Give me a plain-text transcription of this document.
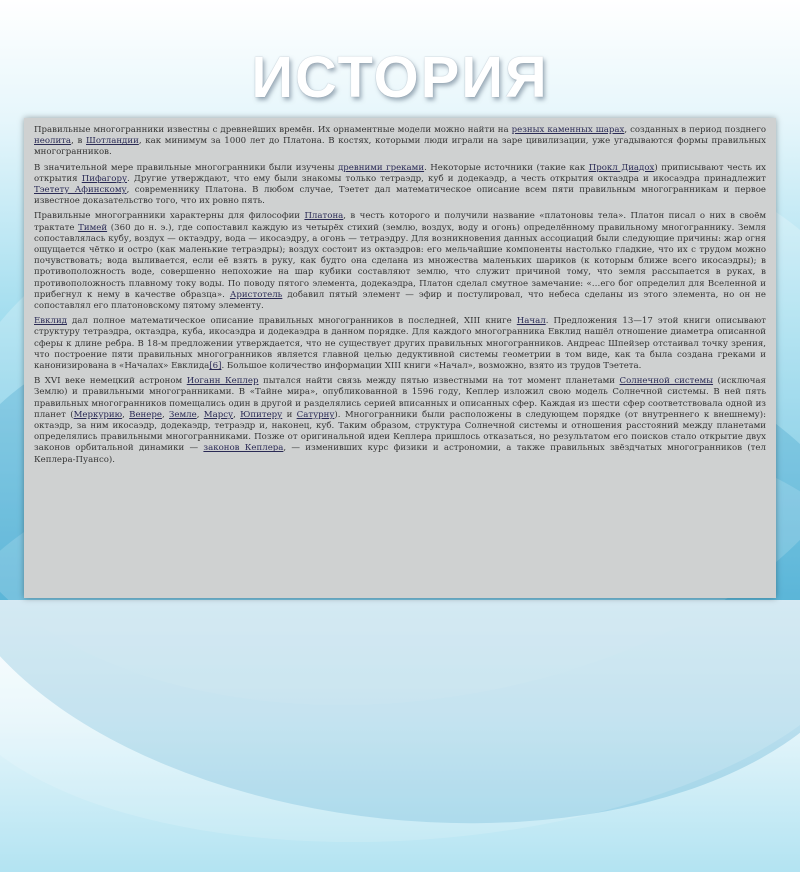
ИСТОРИЯ

Правильные многогранники известны с древнейших времён. Их орнаментные модели можно найти на резных каменных шарах, созданных в период позднего неолита, в Шотландии, как минимум за 1000 лет до Платона. В костях, которыми люди играли на заре цивилизации, уже угадываются формы правильных многогранников.

В значительной мере правильные многогранники были изучены древними греками. Некоторые источники (такие как Прокл Диадох) приписывают честь их открытия Пифагору. Другие утверждают, что ему были знакомы только тетраэдр, куб и додекаэдр, а честь открытия октаэдра и икосаэдра принадлежит Тэетету Афинскому, современнику Платона. В любом случае, Тэетет дал математическое описание всем пяти правильным многогранникам и первое известное доказательство того, что их ровно пять.

Правильные многогранники характерны для философии Платона, в честь которого и получили название «платоновы тела». Платон писал о них в своём трактате Тимей (360 до н. э.), где сопоставил каждую из четырёх стихий (землю, воздух, воду и огонь) определённому правильному многограннику. Земля сопоставлялась кубу, воздух — октаэдру, вода — икосаэдру, а огонь — тетраэдру. Для возникновения данных ассоциаций были следующие причины: жар огня ощущается чётко и остро (как маленькие тетраэдры); воздух состоит из октаэдров: его мельчайшие компоненты настолько гладкие, что их с трудом можно почувствовать; вода выливается, если её взять в руку, как будто она сделана из множества маленьких шариков (к которым ближе всего икосаэдры); в противоположность воде, совершенно непохожие на шар кубики составляют землю, что служит причиной тому, что земля рассыпается в руках, в противоположность плавному току воды. По поводу пятого элемента, додекаэдра, Платон сделал смутное замечание: «…его бог определил для Вселенной и прибегнул к нему в качестве образца». Аристотель добавил пятый элемент — эфир и постулировал, что небеса сделаны из этого элемента, но он не сопоставлял его платоновскому пятому элементу.

Евклид дал полное математическое описание правильных многогранников в последней, XIII книге Начал. Предложения 13—17 этой книги описывают структуру тетраэдра, октаэдра, куба, икосаэдра и додекаэдра в данном порядке. Для каждого многогранника Евклид нашёл отношение диаметра описанной сферы к длине ребра. В 18-м предложении утверждается, что не существует других правильных многогранников. Андреас Шпейзер отстаивал точку зрения, что построение пяти правильных многогранников является главной целью дедуктивной системы геометрии в том виде, как та была создана греками и канонизирована в «Началах» Евклида[6]. Большое количество информации XIII книги «Начал», возможно, взято из трудов Тэетета.

В XVI веке немецкий астроном Иоганн Кеплер пытался найти связь между пятью известными на тот момент планетами Солнечной системы (исключая Землю) и правильными многогранниками. В «Тайне мира», опубликованной в 1596 году, Кеплер изложил свою модель Солнечной системы. В ней пять правильных многогранников помещались один в другой и разделялись серией вписанных и описанных сфер. Каждая из шести сфер соответствовала одной из планет (Меркурию, Венере, Земле, Марсу, Юпитеру и Сатурну). Многогранники были расположены в следующем порядке (от внутреннего к внешнему): октаэдр, за ним икосаэдр, додекаэдр, тетраэдр и, наконец, куб. Таким образом, структура Солнечной системы и отношения расстояний между планетами определялись правильными многогранниками. Позже от оригинальной идеи Кеплера пришлось отказаться, но результатом его поисков стало открытие двух законов орбитальной динамики — законов Кеплера, — изменивших курс физики и астрономии, а также правильных звёздчатых многогранников (тел Кеплера-Пуансо).
